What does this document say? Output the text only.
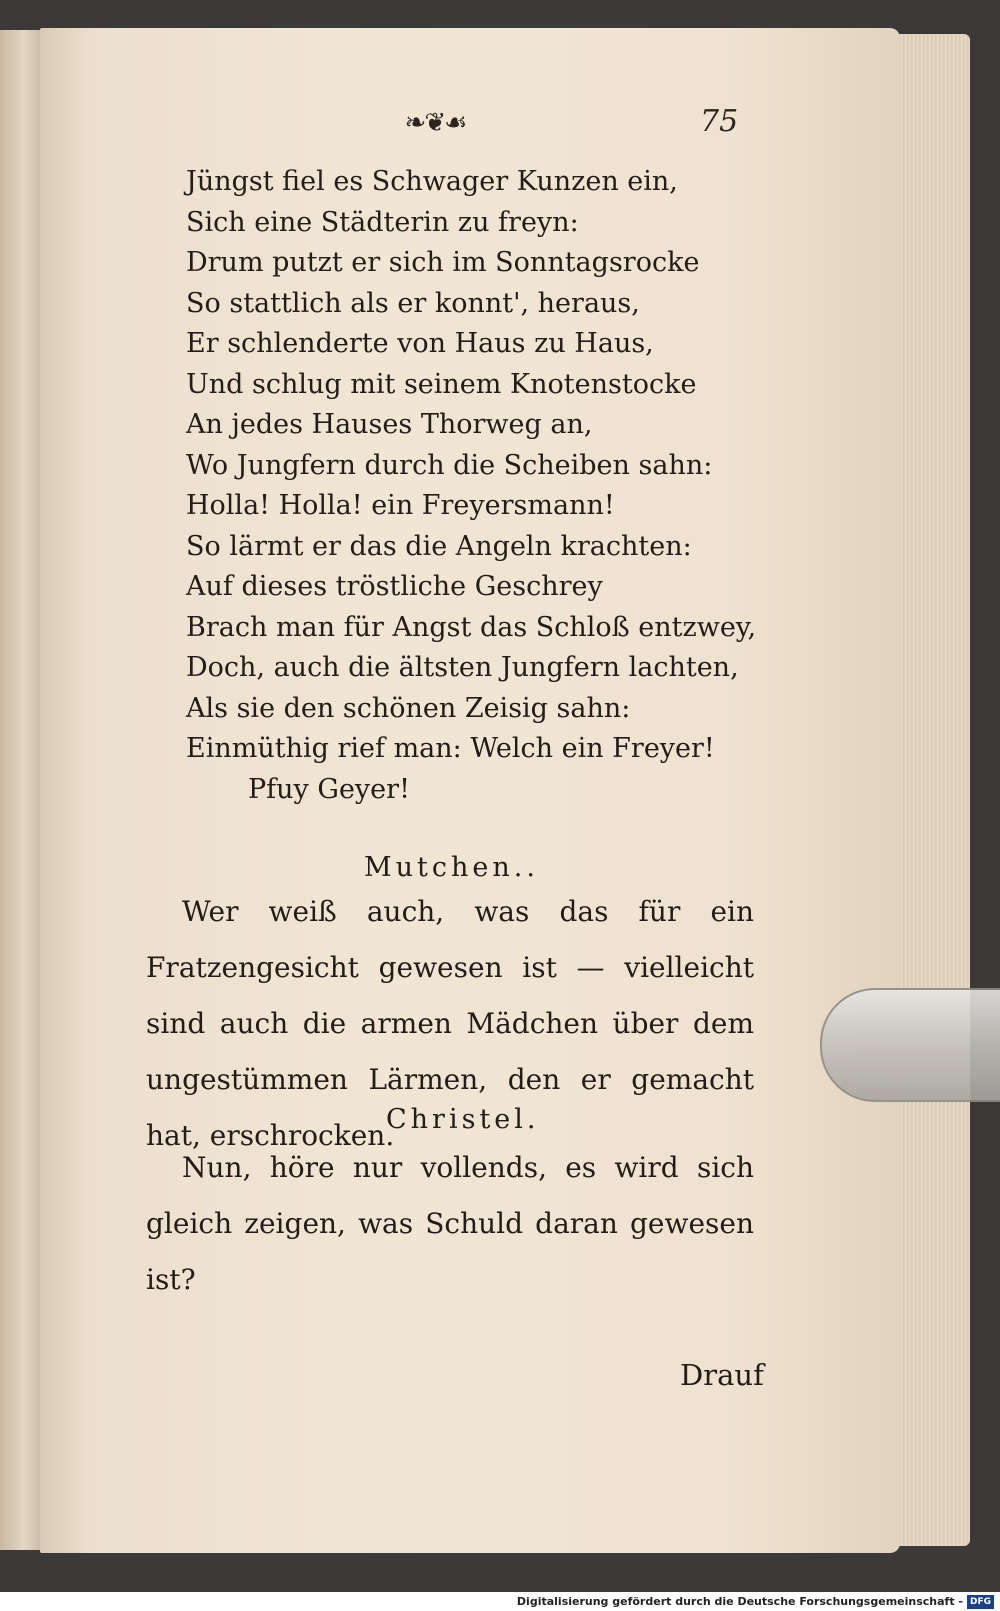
❧❦☙	75
Jüngst fiel es Schwager Kunzen ein,
Sich eine Städterin zu freyn:
Drum putzt er sich im Sonntagsrocke
So stattlich als er konnt', heraus,
Er schlenderte von Haus zu Haus,
Und schlug mit seinem Knotenstocke
An jedes Hauses Thorweg an,
Wo Jungfern durch die Scheiben sahn:
Holla! Holla! ein Freyersmann!
So lärmt er das die Angeln krachten:
Auf dieses tröstliche Geschrey
Brach man für Angst das Schloß entzwey,
Doch, auch die ältsten Jungfern lachten,
Als sie den schönen Zeisig sahn:
Einmüthig rief man: Welch ein Freyer!
Pfuy Geyer!
Mutchen..
Wer weiß auch, was das für ein Fratzengesicht gewesen ist — vielleicht sind auch die armen Mädchen über dem ungestümmen Lärmen, den er gemacht hat, erschrocken.
Christel.
Nun, höre nur vollends, es wird sich gleich zeigen, was Schuld daran gewesen ist?
Drauf
Digitalisierung gefördert durch die Deutsche Forschungsgemeinschaft - DFG
